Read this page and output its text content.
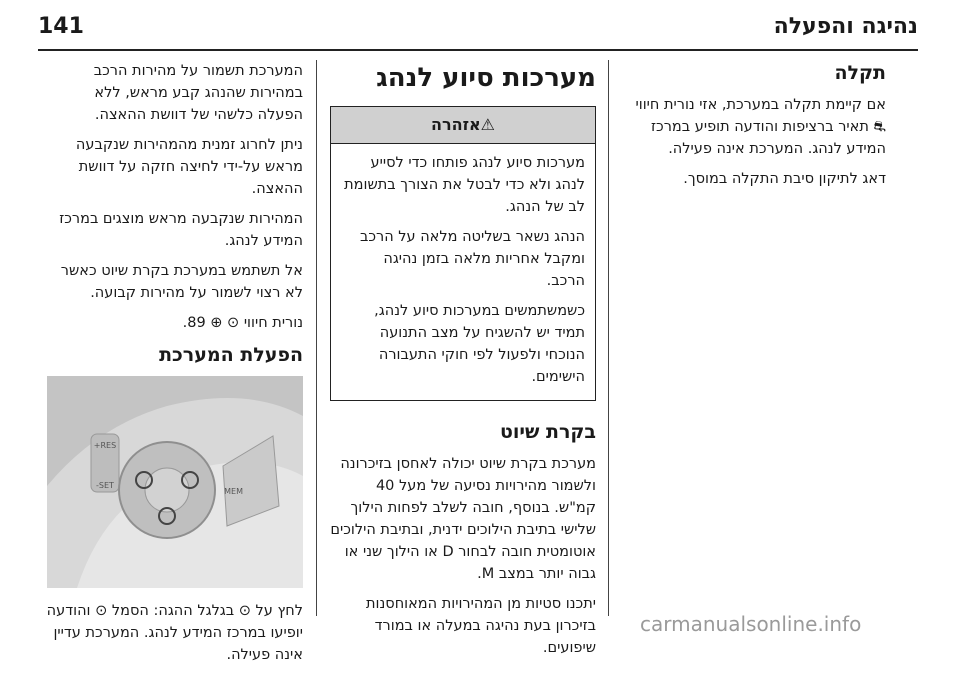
141	נהיגה והפעלה
תקלה

אם קיימת תקלה במערכת, אזי נורית חיווי ⛐ תאיר ברציפות והודעה תופיע במרכז המידע לנהג. המערכת אינה פעילה.

דאג לתיקון סיבת התקלה במוסך.

מערכות סיוע לנהג
⚠אזהרה

מערכות סיוע לנהג פותחו כדי לסייע לנהג ולא כדי לבטל את הצורך בתשומת לב של הנהג.

הנהג נשאר בשליטה מלאה על הרכב ומקבל אחריות מלאה בזמן נהיגה הרכב.

כשמשתמשים במערכות סיוע לנהג, תמיד יש להשגיח על מצב התנועה הנוכחי ולפעול לפי חוקי התעבורה הישימים.

בקרת שיוט

מערכת בקרת שיוט יכולה לאחסן בזיכרונה ולשמור מהירויות נסיעה של מעל 40 קמ"ש. בנוסף, חובה לשלב לפחות הילוך שלישי בתיבת הילוכים ידנית, ובתיבת הילוכים אוטומטית חובה לבחור D או הילוך שני או גבוה יותר במצב M.

יתכנו סטיות מן המהירויות המאוחסנות בזיכרון בעת נהיגה במעלה או במורד שיפועים.

המערכת תשמור על מהירות הרכב במהירות שהנהג קבע מראש, ללא הפעלה כלשהי של דוושת ההאצה.

ניתן לחרוג זמנית מהמהירות שנקבעה מראש על-ידי לחיצה חזקה על דוושת ההאצה.

המהירות שנקבעה מראש מוצגים במרכז המידע לנהג.

אל תשתמש במערכת בקרת שיוט כאשר לא רצוי לשמור על מהירות קבועה.

נורית חיווי ⊙ ⊕ ‎89.

הפעלת המערכת
RES+
SET-
MEM

לחץ על ⊙ בגלגל ההגה: הסמל ⊙ והודעה יופיעו במרכז המידע לנהג. המערכת עדיין אינה פעילה.

carmanualsonline.info
